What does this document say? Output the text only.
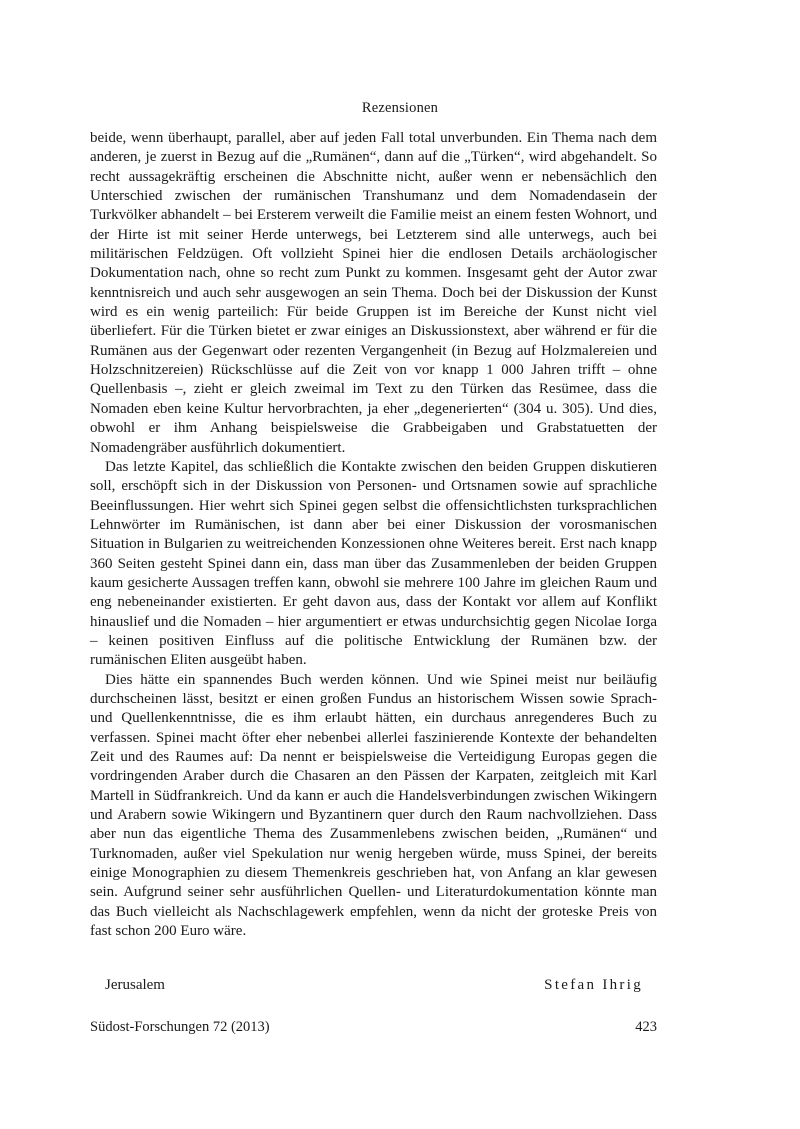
Rezensionen

beide, wenn überhaupt, parallel, aber auf jeden Fall total unverbunden. Ein Thema nach dem anderen, je zuerst in Bezug auf die „Rumänen“, dann auf die „Türken“, wird abgehandelt. So recht aussagekräftig erscheinen die Abschnitte nicht, außer wenn er nebensächlich den Unterschied zwischen der rumänischen Transhumanz und dem Nomadendasein der Turkvölker abhandelt – bei Ersterem verweilt die Familie meist an einem festen Wohnort, und der Hirte ist mit seiner Herde unterwegs, bei Letzterem sind alle unterwegs, auch bei militärischen Feldzügen. Oft vollzieht Spinei hier die endlosen Details archäologischer Dokumentation nach, ohne so recht zum Punkt zu kommen. Insgesamt geht der Autor zwar kenntnisreich und auch sehr ausgewogen an sein Thema. Doch bei der Diskussion der Kunst wird es ein wenig parteilich: Für beide Gruppen ist im Bereiche der Kunst nicht viel überliefert. Für die Türken bietet er zwar einiges an Diskussionstext, aber während er für die Rumänen aus der Gegenwart oder rezenten Vergangenheit (in Bezug auf Holzmalereien und Holzschnitzereien) Rückschlüsse auf die Zeit von vor knapp 1 000 Jahren trifft – ohne Quellenbasis –, zieht er gleich zweimal im Text zu den Türken das Resümee, dass die Nomaden eben keine Kultur hervorbrachten, ja eher „degenerierten“ (304 u. 305). Und dies, obwohl er ihm Anhang beispielsweise die Grabbeigaben und Grabstatuetten der Nomadengräber ausführlich dokumentiert.

Das letzte Kapitel, das schließlich die Kontakte zwischen den beiden Gruppen diskutieren soll, erschöpft sich in der Diskussion von Personen- und Ortsnamen sowie auf sprachliche Beeinflussungen. Hier wehrt sich Spinei gegen selbst die offensichtlichsten turksprachlichen Lehnwörter im Rumänischen, ist dann aber bei einer Diskussion der vorosmanischen Situation in Bulgarien zu weitreichenden Konzessionen ohne Weiteres bereit. Erst nach knapp 360 Seiten gesteht Spinei dann ein, dass man über das Zusammenleben der beiden Gruppen kaum gesicherte Aussagen treffen kann, obwohl sie mehrere 100 Jahre im gleichen Raum und eng nebeneinander existierten. Er geht davon aus, dass der Kontakt vor allem auf Konflikt hinauslief und die Nomaden – hier argumentiert er etwas undurchsichtig gegen Nicolae Iorga – keinen positiven Einfluss auf die politische Entwicklung der Rumänen bzw. der rumänischen Eliten ausgeübt haben.

Dies hätte ein spannendes Buch werden können. Und wie Spinei meist nur beiläufig durchscheinen lässt, besitzt er einen großen Fundus an historischem Wissen sowie Sprach- und Quellenkenntnisse, die es ihm erlaubt hätten, ein durchaus anregenderes Buch zu verfassen. Spinei macht öfter eher nebenbei allerlei faszinierende Kontexte der behandelten Zeit und des Raumes auf: Da nennt er beispielsweise die Verteidigung Europas gegen die vordringenden Araber durch die Chasaren an den Pässen der Karpaten, zeitgleich mit Karl Martell in Südfrankreich. Und da kann er auch die Handelsverbindungen zwischen Wikingern und Arabern sowie Wikingern und Byzantinern quer durch den Raum nachvollziehen. Dass aber nun das eigentliche Thema des Zusammenlebens zwischen beiden, „Rumänen“ und Turknomaden, außer viel Spekulation nur wenig hergeben würde, muss Spinei, der bereits einige Monographien zu diesem Themenkreis geschrieben hat, von Anfang an klar gewesen sein. Aufgrund seiner sehr ausführlichen Quellen- und Literaturdokumentation könnte man das Buch vielleicht als Nachschlagewerk empfehlen, wenn da nicht der groteske Preis von fast schon 200 Euro wäre.

Jerusalem	Stefan Ihrig
Südost-Forschungen 72 (2013)	423
